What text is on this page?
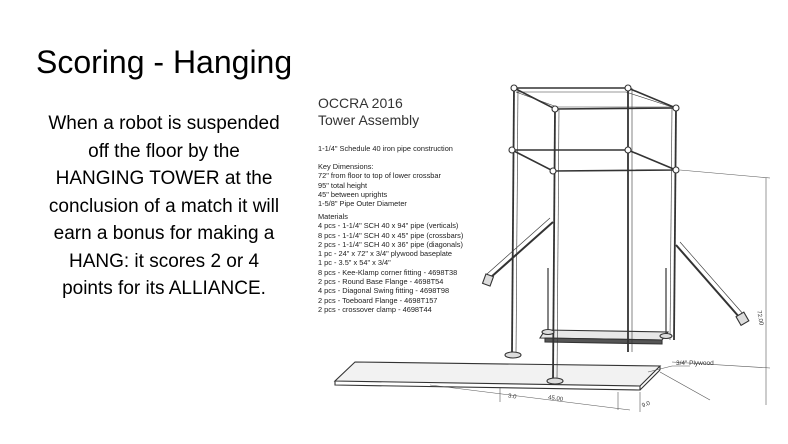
Scoring - Hanging
When a robot is suspended
off the floor by the
HANGING TOWER at the
conclusion of a match it will
earn a bonus for making a
HANG: it scores 2 or 4
points for its ALLIANCE.
OCCRA 2016
Tower Assembly
1-1/4" Schedule 40 iron pipe construction
Key Dimensions:
72" from floor to top of lower crossbar
95" total height
45" between uprights
1-5/8" Pipe Outer Diameter
Materials
4 pcs - 1-1/4" SCH 40 x 94" pipe (verticals)
8 pcs - 1-1/4" SCH 40 x 45" pipe (crossbars)
2 pcs - 1-1/4" SCH 40 x 36" pipe (diagonals)
1 pc - 24" x 72" x 3/4" plywood baseplate
1 pc - 3.5" x 54" x 3/4"
8 pcs - Kee-Klamp corner fitting - 4698T38
2 pcs - Round Base Flange - 4698T54
4 pcs - Diagonal Swing fitting - 4698T98
2 pcs - Toeboard Flange - 4698T157
2 pcs - crossover clamp - 4698T44
3/4" Plywood
72.00
45.00
3.0
9.0
